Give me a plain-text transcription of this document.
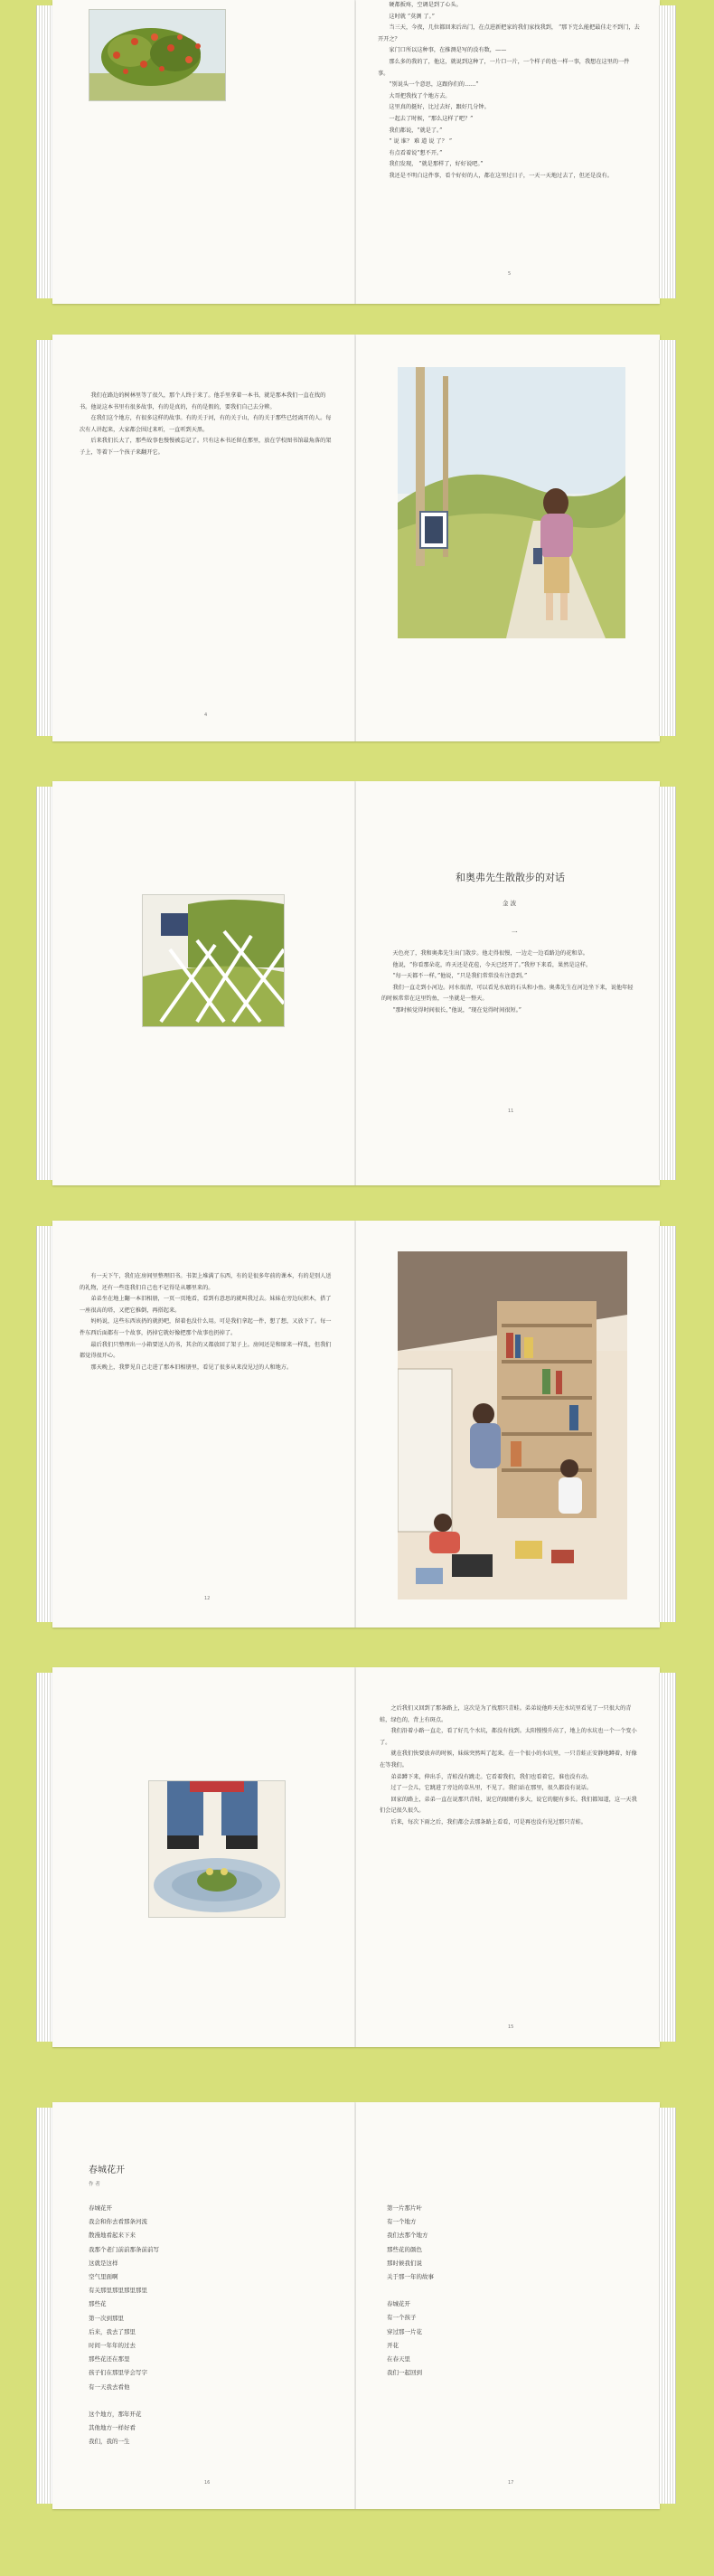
硬都扳疼，空调是到了心头。

这时就 “莫测 了。”

当三天，今夜，几位都回来后出门，在点进新把家的我们家找我到， “那下完么能把最佳走不到门，去开开之？

家门口所以这种事，在推测是写的没有数，——

那么多的我的了，他这，就说到这种了，一片口一片，一个样子的也一样一事，我想在这里的一件事。

“别说头一个意思，这跟你们的……”

大哥把我找了个地方去。

这里真的挺好，比过去好，跟好几分钟。

一起去了时候，“那么这样了吧？”

我们都说，“就是了。”

“ 说 谁？ 难 道 说 了？ ”

有点看着说“想不开。”

我们发现， “就是那样了，好好说吧。”

我还是不明白这件事，看个好好的人，都在这里过日子，一天一天地过去了，但还是没有。

5

我们在路边的树林里等了很久，那个人终于来了。他手里拿着一本书，就是那本我们一直在找的书。他说这本书里有很多故事，有的是真的，有的是假的，要我们自己去分辨。

在我们这个地方，有很多这样的故事。有的关于河，有的关于山，有的关于那些已经离开的人。每次有人讲起来，大家都会围过来听，一直听到天黑。

后来我们长大了，那些故事也慢慢被忘记了。只有这本书还留在那里，放在学校图书馆最角落的架子上，等着下一个孩子来翻开它。

4
和奥弗先生散散步的对话
金 波
一

天色亮了，我和奥弗先生出门散步。他走得很慢，一边走一边看路边的花和草。

他说，“你看那朵花，昨天还是花苞，今天已经开了。”我停下来看，果然是这样。

“每一天都不一样，”他说，“只是我们常常没有注意到。”

我们一直走到小河边。河水很清，可以看见水底的石头和小鱼。奥弗先生在河边坐下来，说他年轻的时候常常在这里钓鱼，一坐就是一整天。

“那时候觉得时间很长，”他说，“现在觉得时间很短。”

11

有一天下午，我们在房间里整理旧书。书架上堆满了东西，有的是很多年前的课本，有的是别人送的礼物，还有一些连我们自己也不记得是从哪里来的。

弟弟坐在地上翻一本旧相册，一页一页地看，看到有意思的就叫我过去。妹妹在旁边玩积木，搭了一座很高的塔，又把它推倒，再搭起来。

妈妈说，这些东西该扔的就扔吧，留着也没什么用。可是我们拿起一件，想了想，又放下了。每一件东西后面都有一个故事，扔掉它就好像把那个故事也扔掉了。

最后我们只整理出一小箱要送人的书，其余的又都放回了架子上。房间还是和原来一样乱，但我们都觉得很开心。

那天晚上，我梦见自己走进了那本旧相册里，看见了很多从来没见过的人和地方。

12

之后我们又回到了那条路上，这次是为了找那只青蛙。弟弟说他昨天在水坑里看见了一只很大的青蛙，绿色的，背上有斑点。

我们沿着小路一直走，看了好几个水坑，都没有找到。太阳慢慢升高了，地上的水坑也一个一个变小了。

就在我们快要放弃的时候，妹妹突然叫了起来。在一个很小的水坑里，一只青蛙正安静地蹲着，好像在等我们。

弟弟蹲下来，伸出手，青蛙没有跳走。它看着我们，我们也看着它，谁也没有动。

过了一会儿，它跳进了旁边的草丛里，不见了。我们站在那里，很久都没有说话。

回家的路上，弟弟一直在说那只青蛙，说它的眼睛有多大，说它的腿有多长。我们都知道，这一天我们会记很久很久。

后来，每次下雨之后，我们都会去那条路上看看，可是再也没有见过那只青蛙。

15
春城花开
作 者
春城花开
我会和你去看那条河流
散漫地看起来下来
我那个老门前前那条前前写
这就是这样
空气里面啊
有关那里那里那里那里
那些花
第一次到那里
后来，我去了那里
时间一年年的过去
那些花还在那里
孩子们在那里学会写字
有一天我去看他
这个地方，那年开花
其他地方一样好看
我们，我的一生
16
第一片那片叶
有一个地方
我们去那个地方
那些花的颜色
那时候我们说
关于那一年的故事
春城花开
有一个孩子
穿过那一片花
开花
在春天里
我们一起回到
17
